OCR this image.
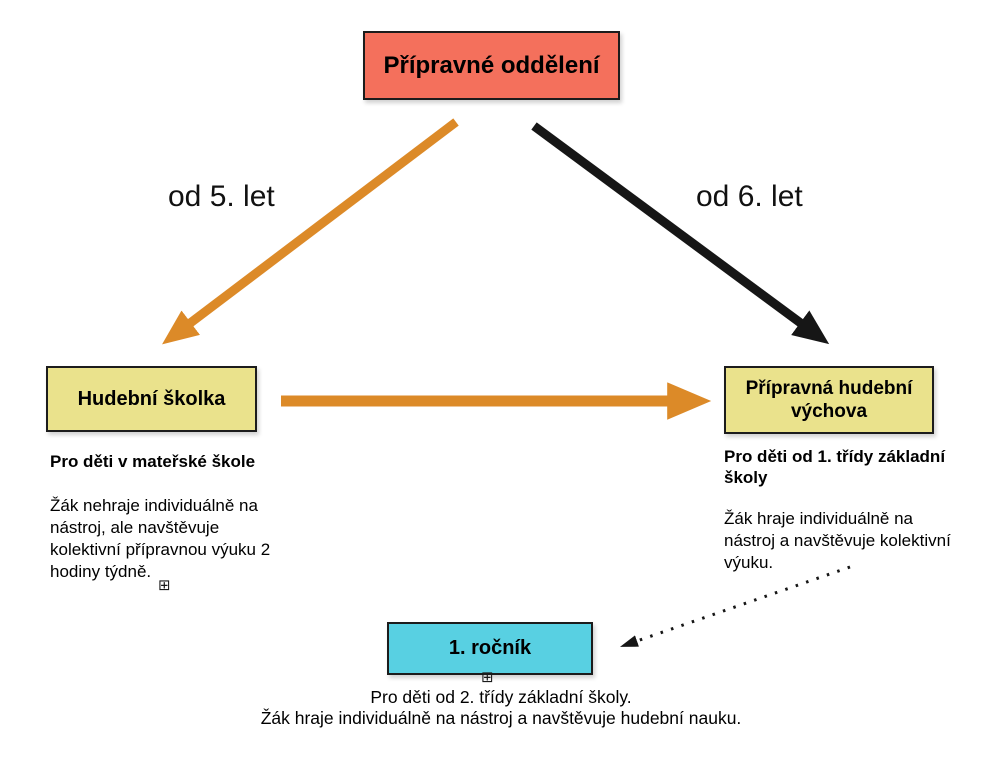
Přípravné oddělení
od 5. let	od 6. let
Hudební školka	Přípravná hudební
výchova

Pro děti v mateřské škole

Žák nehraje individuálně na
nástroj, ale navštěvuje
kolektivní přípravnou výuku 2
hodiny týdně.
Pro děti od 1. třídy základní
školy
Žák hraje individuálně na
nástroj a navštěvuje kolektivní
výuku.
⊞
1. ročník
⊞
Pro děti od 2. třídy základní školy.
Žák hraje individuálně na nástroj a navštěvuje hudební nauku.
